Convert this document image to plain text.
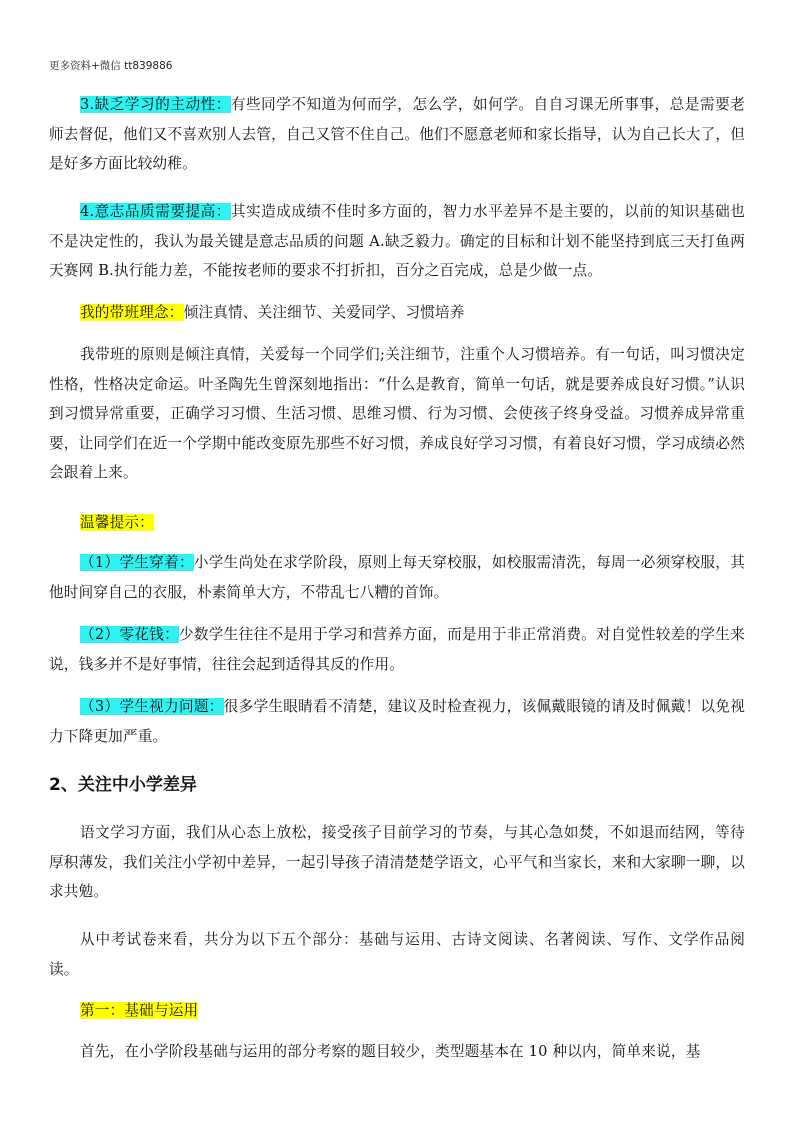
更多资料+微信 tt839886

3.缺乏学习的主动性：有些同学不知道为何而学，怎么学，如何学。自自习课无所事事，总是需要老师去督促，他们又不喜欢别人去管，自己又管不住自己。他们不愿意老师和家长指导，认为自己长大了，但是好多方面比较幼稚。

4.意志品质需要提高：其实造成成绩不佳时多方面的，智力水平差异不是主要的，以前的知识基础也不是决定性的，我认为最关键是意志品质的问题 A.缺乏毅力。确定的目标和计划不能坚持到底三天打鱼两天赛网 B.执行能力差，不能按老师的要求不打折扣，百分之百完成，总是少做一点。

我的带班理念：倾注真情、关注细节、关爱同学、习惯培养

我带班的原则是倾注真情，关爱每一个同学们;关注细节，注重个人习惯培养。有一句话，叫习惯决定性格，性格决定命运。叶圣陶先生曾深刻地指出：“什么是教育，简单一句话，就是要养成良好习惯。”认识到习惯异常重要，正确学习习惯、生活习惯、思维习惯、行为习惯、会使孩子终身受益。习惯养成异常重要，让同学们在近一个学期中能改变原先那些不好习惯，养成良好学习习惯，有着良好习惯，学习成绩必然会跟着上来。

温馨提示：

（1）学生穿着：小学生尚处在求学阶段，原则上每天穿校服，如校服需清洗，每周一必须穿校服，其他时间穿自己的衣服，朴素简单大方，不带乱七八糟的首饰。

（2）零花钱：少数学生往往不是用于学习和营养方面，而是用于非正常消费。对自觉性较差的学生来说，钱多并不是好事情，往往会起到适得其反的作用。

（3）学生视力问题：很多学生眼睛看不清楚，建议及时检查视力，该佩戴眼镜的请及时佩戴！以免视力下降更加严重。

2、关注中小学差异

语文学习方面，我们从心态上放松，接受孩子目前学习的节奏，与其心急如焚，不如退而结网，等待厚积薄发，我们关注小学初中差异，一起引导孩子清清楚楚学语文，心平气和当家长，来和大家聊一聊，以求共勉。

从中考试卷来看，共分为以下五个部分：基础与运用、古诗文阅读、名著阅读、写作、文学作品阅读。

第一：基础与运用

首先，在小学阶段基础与运用的部分考察的题目较少，类型题基本在 10 种以内，简单来说，基
